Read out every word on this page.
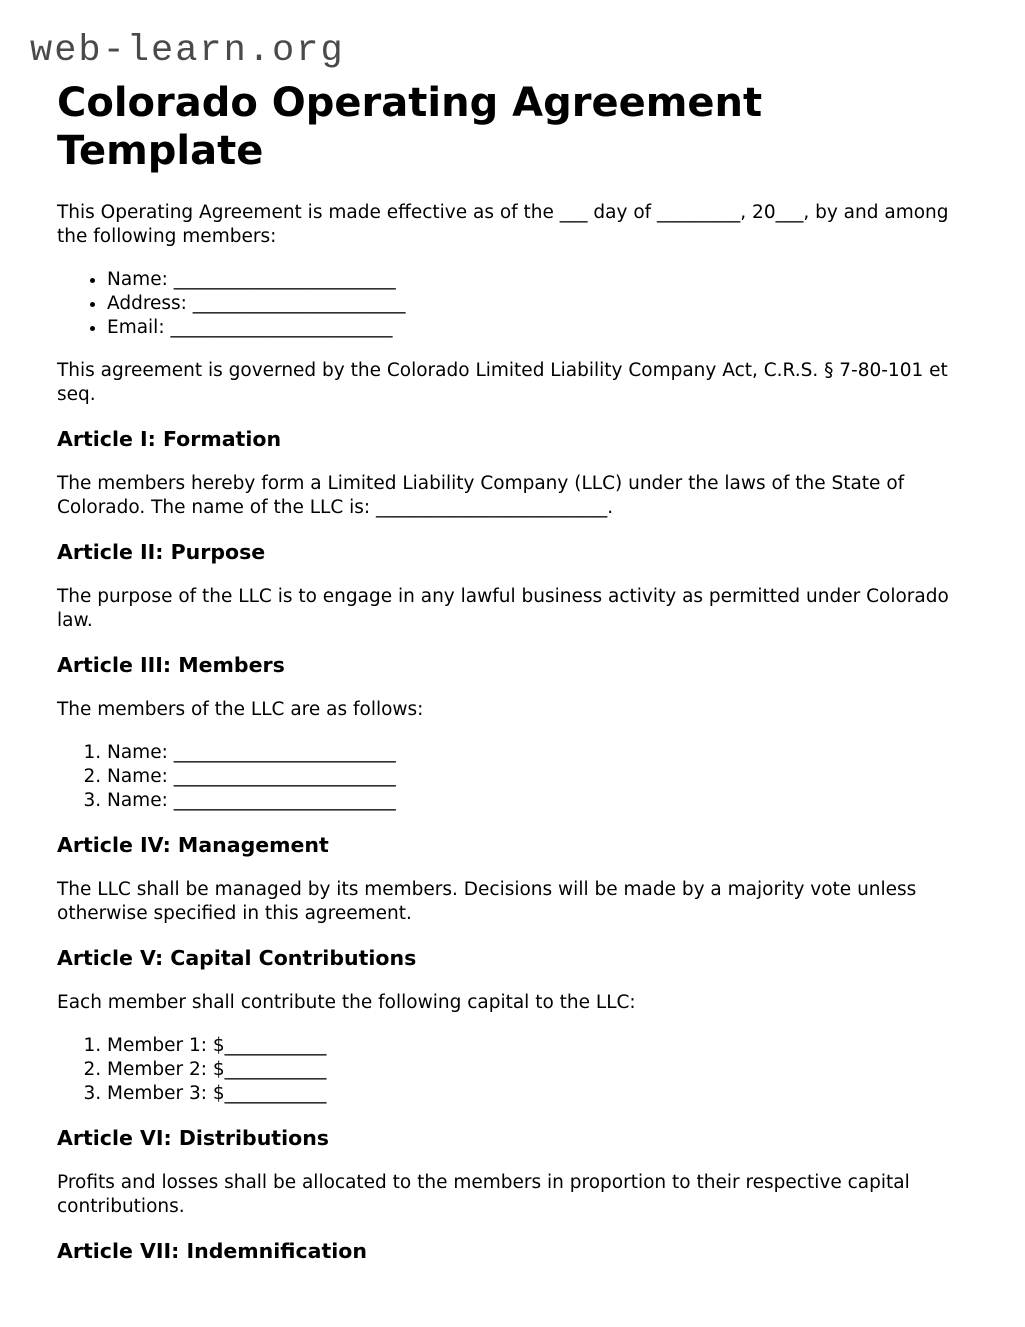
web-learn.org
Colorado Operating Agreement Template

This Operating Agreement is made effective as of the ___ day of _________, 20___, by and among the following members:

• Name: ________________________
• Address: _______________________
• Email: ________________________

This agreement is governed by the Colorado Limited Liability Company Act, C.R.S. § 7-80-101 et seq.

Article I: Formation

The members hereby form a Limited Liability Company (LLC) under the laws of the State of Colorado. The name of the LLC is: _________________________.

Article II: Purpose

The purpose of the LLC is to engage in any lawful business activity as permitted under Colorado law.

Article III: Members

The members of the LLC are as follows:

1. Name: ________________________
2. Name: ________________________
3. Name: ________________________
Article IV: Management

The LLC shall be managed by its members. Decisions will be made by a majority vote unless otherwise specified in this agreement.

Article V: Capital Contributions

Each member shall contribute the following capital to the LLC:

1. Member 1: $___________
2. Member 2: $___________
3. Member 3: $___________
Article VI: Distributions

Profits and losses shall be allocated to the members in proportion to their respective capital contributions.

Article VII: Indemnification
